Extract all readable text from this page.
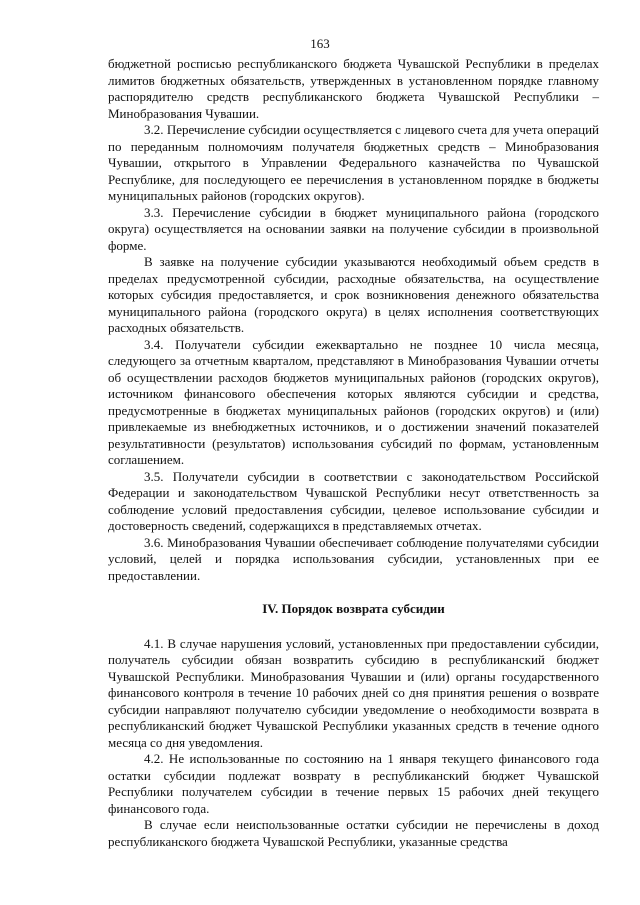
163

бюджетной росписью республиканского бюджета Чувашской Республики в пределах лимитов бюджетных обязательств, утвержденных в установленном порядке главному распорядителю средств республиканского бюджета Чувашской Республики – Минобразования Чувашии.

3.2. Перечисление субсидии осуществляется с лицевого счета для учета операций по переданным полномочиям получателя бюджетных средств – Минобразования Чувашии, открытого в Управлении Федерального казначейства по Чувашской Республике, для последующего ее перечисления в установленном порядке в бюджеты муниципальных районов (городских округов).

3.3. Перечисление субсидии в бюджет муниципального района (городского округа) осуществляется на основании заявки на получение субсидии в произвольной форме.

В заявке на получение субсидии указываются необходимый объем средств в пределах предусмотренной субсидии, расходные обязательства, на осуществление которых субсидия предоставляется, и срок возникновения денежного обязательства муниципального района (городского округа) в целях исполнения соответствующих расходных обязательств.

3.4. Получатели субсидии ежеквартально не позднее 10 числа месяца, следующего за отчетным кварталом, представляют в Минобразования Чувашии отчеты об осуществлении расходов бюджетов муниципальных районов (городских округов), источником финансового обеспечения которых являются субсидии и средства, предусмотренные в бюджетах муниципальных районов (городских округов) и (или) привлекаемые из внебюджетных источников, и о достижении значений показателей результативности (результатов) использования субсидий по формам, установленным соглашением.

3.5. Получатели субсидии в соответствии с законодательством Российской Федерации и законодательством Чувашской Республики несут ответственность за соблюдение условий предоставления субсидии, целевое использование субсидии и достоверность сведений, содержащихся в представляемых отчетах.

3.6. Минобразования Чувашии обеспечивает соблюдение получателями субсидии условий, целей и порядка использования субсидии, установленных при ее предоставлении.

IV. Порядок возврата субсидии

4.1. В случае нарушения условий, установленных при предоставлении субсидии, получатель субсидии обязан возвратить субсидию в республиканский бюджет Чувашской Республики. Минобразования Чувашии и (или) органы государственного финансового контроля в течение 10 рабочих дней со дня принятия решения о возврате субсидии направляют получателю субсидии уведомление о необходимости возврата в республиканский бюджет Чувашской Республики указанных средств в течение одного месяца со дня уведомления.

4.2. Не использованные по состоянию на 1 января текущего финансового года остатки субсидии подлежат возврату в республиканский бюджет Чувашской Республики получателем субсидии в течение первых 15 рабочих дней текущего финансового года.

В случае если неиспользованные остатки субсидии не перечислены в доход республиканского бюджета Чувашской Республики, указанные средства
